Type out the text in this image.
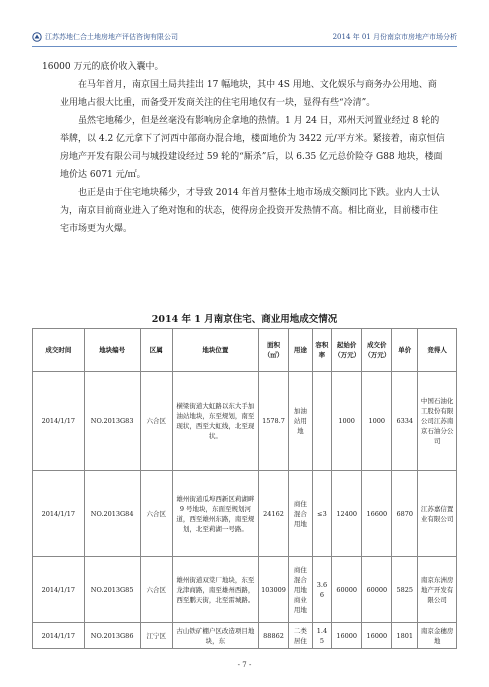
江苏苏地仁合土地房地产评估咨询有限公司	2014 年 01 月份南京市房地产市场分析

16000 万元的底价收入囊中。

在马年首月，南京国土局共挂出 17 幅地块，其中 4S 用地、文化娱乐与商务办公用地、商业用地占很大比重，而备受开发商关注的住宅用地仅有一块，显得有些“冷清”。

虽然宅地稀少，但是丝毫没有影响房企拿地的热情。1 月 24 日，邓州天河置业经过 8 轮的举牌，以 4.2 亿元拿下了河西中部商办混合地，楼面地价为 3422 元/平方米。紧接着，南京恒信房地产开发有限公司与城投建设经过 59 轮的“厮杀”后，以 6.35 亿元总价险夺 G88 地块，楼面地价达 6071 元/㎡。

也正是由于住宅地块稀少，才导致 2014 年首月整体土地市场成交额同比下跌。业内人士认为，南京目前商业进入了绝对饱和的状态，使得房企投资开发热情不高。相比商业，目前楼市住宅市场更为火爆。

2014 年 1 月南京住宅、商业用地成交情况
成交时间	地块编号	区属	地块位置	面积（㎡）	用途	容积率	起始价（万元）	成交价（万元）	单价	竞得人
2014/1/17	NO.2013G83	六合区	横梁街道大虹路以东大手加油站地块，东至规划，南至现状，西至大虹线，北至现状。	1578.7	加油站用地		1000	1000	6334	中国石油化工股份有限公司江苏南京石油分公司
2014/1/17	NO.2013G84	六合区	雄州街道瓜埠西新区莉湖畔 9 号地块，东面至规划河道，西至雄州东路，南至规划，北至莉湖一号路。	24162	商住混合用地	≤3	12400	16600	6870	江苏嘉信置业有限公司
2014/1/17	NO.2013G85	六合区	雄州街道双棠厂地块，东至龙津商路，南至雄州西路，西至鹏天街，北至雷城路。	103009	商住混合用地商业用地	3.66	60000	60000	5825	南京东洲房地产开发有限公司
2014/1/17	NO.2013G86	江宁区	古山铁矿棚户区改造项目地块，东	88862	二类居住	1.45	16000	16000	1801	南京金穗房地
- 7 -
